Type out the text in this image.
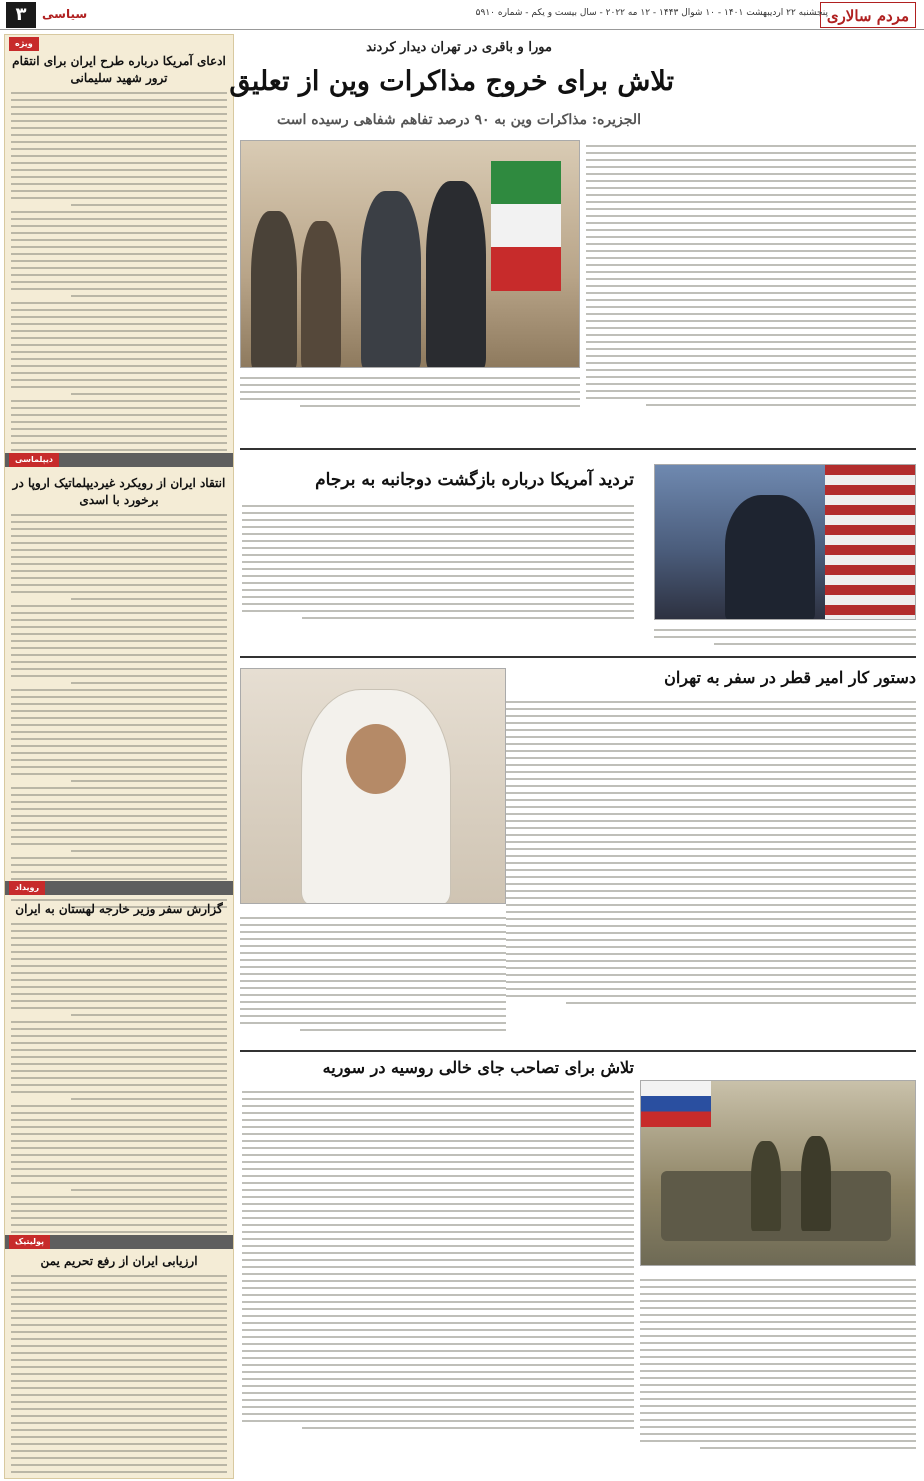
مردم سالاری
پنجشنبه ۲۲ اردیبهشت ۱۴۰۱ - ۱۰ شوال ۱۴۴۳ - ۱۲ مه ۲۰۲۲ - سال بیست و یکم - شماره ۵۹۱۰
سیاسی
۳
ویژه
ادعای آمریکا درباره طرح ایران برای انتقام ترور شهید سلیمانی
دیپلماسی
انتقاد ایران از رویکرد غیردیپلماتیک اروپا در برخورد با اسدی
رویداد
گزارش سفر وزیر خارجه لهستان به ایران
پولیتیک
ارزیابی ایران از رفع تحریم یمن
مورا و باقری در تهران دیدار کردند
تلاش برای خروج مذاکرات وین از تعلیق
الجزیره: مذاکرات وین به ۹۰ درصد تفاهم شفاهی رسیده است
تردید آمریکا درباره بازگشت دوجانبه به برجام
دستور کار امیر قطر در سفر به تهران
تلاش برای تصاحب جای خالی روسیه در سوریه
